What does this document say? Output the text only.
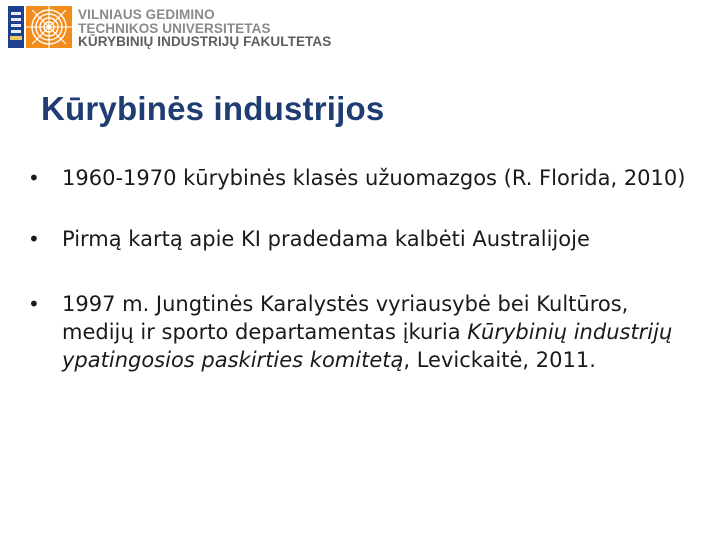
VILNIAUS GEDIMINO
TECHNIKOS UNIVERSITETAS
KŪRYBINIŲ INDUSTRIJŲ FAKULTETAS
Kūrybinės industrijos
• 1960-1970 kūrybinės klasės užuomazgos (R. Florida, 2010)
• Pirmą kartą apie KI pradedama kalbėti Australijoje
• 1997 m. Jungtinės Karalystės vyriausybė bei Kultūros, medijų ir sporto departamentas įkuria Kūrybinių industrijų ypatingosios paskirties komitetą, Levickaitė, 2011.
